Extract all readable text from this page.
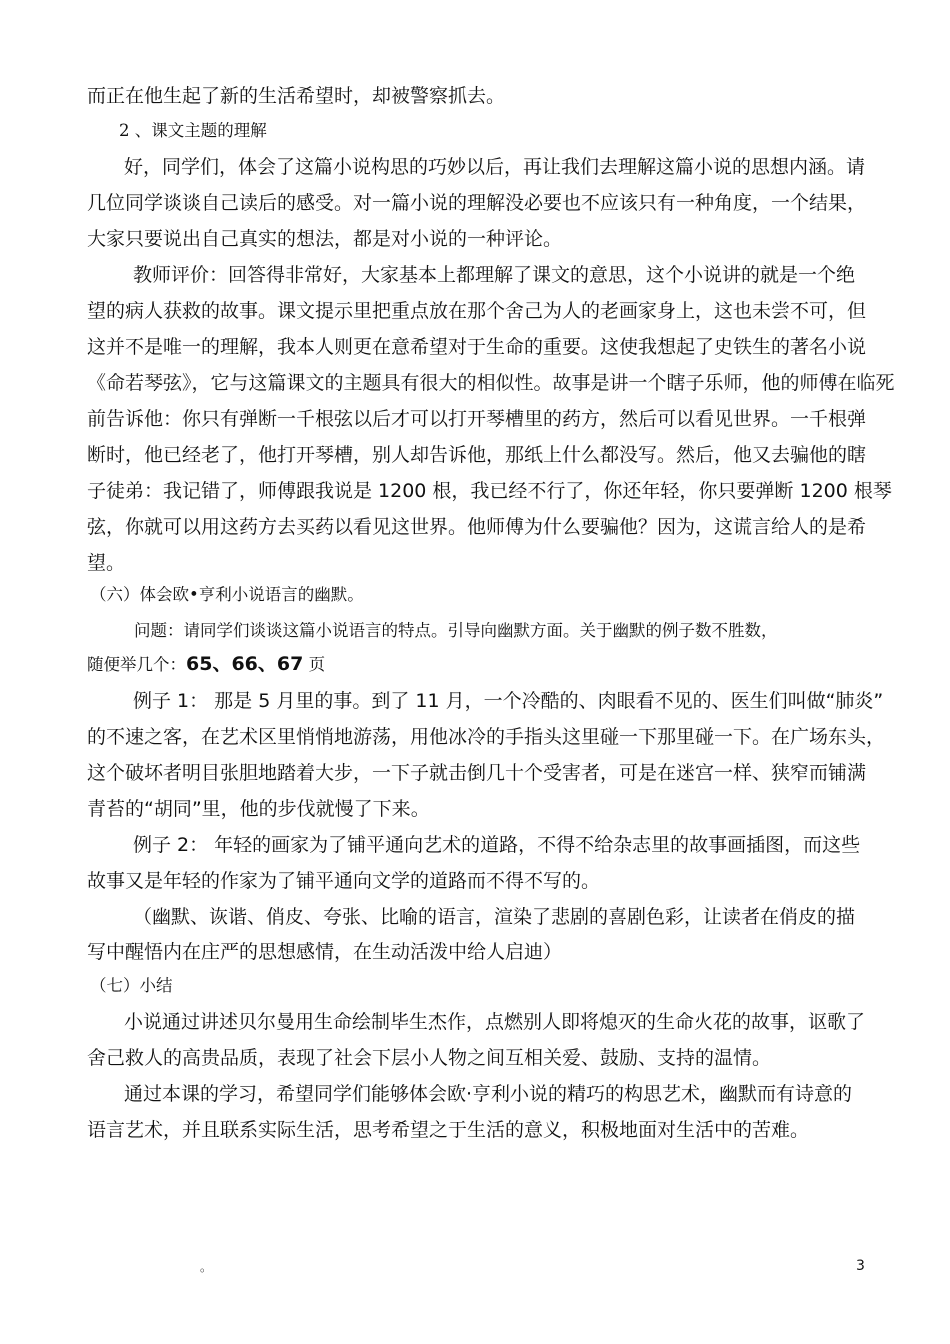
而正在他生起了新的生活希望时，却被警察抓去。
2 、课文主题的理解
好，同学们，体会了这篇小说构思的巧妙以后，再让我们去理解这篇小说的思想内涵。请
几位同学谈谈自己读后的感受。对一篇小说的理解没必要也不应该只有一种角度，一个结果，
大家只要说出自己真实的想法，都是对小说的一种评论。
教师评价：回答得非常好，大家基本上都理解了课文的意思，这个小说讲的就是一个绝
望的病人获救的故事。课文提示里把重点放在那个舍己为人的老画家身上，这也未尝不可，但
这并不是唯一的理解，我本人则更在意希望对于生命的重要。这使我想起了史铁生的著名小说
《命若琴弦》，它与这篇课文的主题具有很大的相似性。故事是讲一个瞎子乐师，他的师傅在临死
前告诉他：你只有弹断一千根弦以后才可以打开琴槽里的药方，然后可以看见世界。一千根弹
断时，他已经老了，他打开琴槽，别人却告诉他，那纸上什么都没写。然后，他又去骗他的瞎
子徒弟：我记错了，师傅跟我说是 1200 根，我已经不行了，你还年轻，你只要弹断 1200 根琴
弦，你就可以用这药方去买药以看见这世界。他师傅为什么要骗他？因为，这谎言给人的是希
望。
（六）体会欧•亨利小说语言的幽默。
问题：请同学们谈谈这篇小说语言的特点。引导向幽默方面。关于幽默的例子数不胜数，
随便举几个：65、66、67 页
例子 1： 那是 5 月里的事。到了 11 月，一个冷酷的、肉眼看不见的、医生们叫做“肺炎”
的不速之客，在艺术区里悄悄地游荡，用他冰冷的手指头这里碰一下那里碰一下。在广场东头，
这个破坏者明目张胆地踏着大步，一下子就击倒几十个受害者，可是在迷宫一样、狭窄而铺满
青苔的“胡同”里，他的步伐就慢了下来。
例子 2： 年轻的画家为了铺平通向艺术的道路，不得不给杂志里的故事画插图，而这些
故事又是年轻的作家为了铺平通向文学的道路而不得不写的。
（幽默、诙谐、俏皮、夸张、比喻的语言，渲染了悲剧的喜剧色彩，让读者在俏皮的描
写中醒悟内在庄严的思想感情，在生动活泼中给人启迪）
（七）小结
小说通过讲述贝尔曼用生命绘制毕生杰作，点燃别人即将熄灭的生命火花的故事，讴歌了
舍己救人的高贵品质，表现了社会下层小人物之间互相关爱、鼓励、支持的温情。
通过本课的学习，希望同学们能够体会欧·亨利小说的精巧的构思艺术，幽默而有诗意的
语言艺术，并且联系实际生活，思考希望之于生活的意义，积极地面对生活中的苦难。
。	3
